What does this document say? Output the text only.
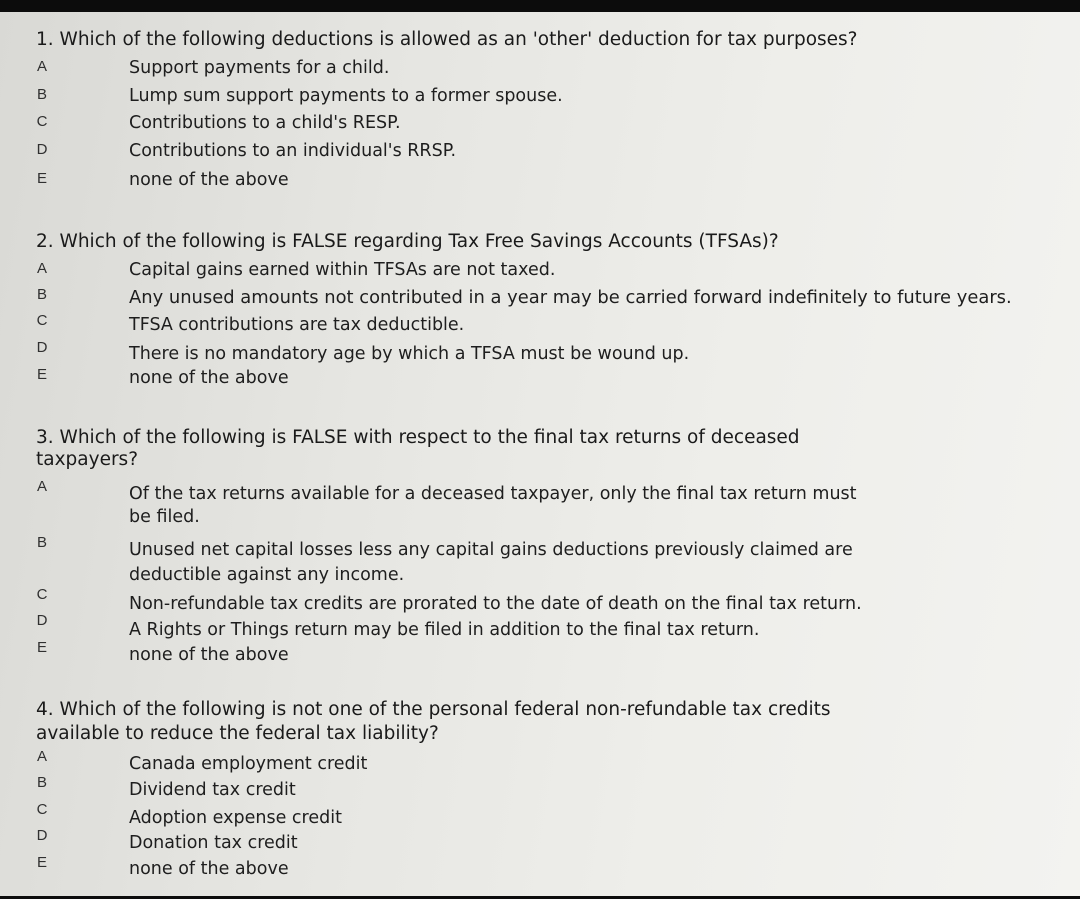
1. Which of the following deductions is allowed as an 'other' deduction for tax purposes?
A	Support payments for a child.
B	Lump sum support payments to a former spouse.
C	Contributions to a child's RESP.
D	Contributions to an individual's RRSP.
E	none of the above
2. Which of the following is FALSE regarding Tax Free Savings Accounts (TFSAs)?
A	Capital gains earned within TFSAs are not taxed.
B	Any unused amounts not contributed in a year may be carried forward indefinitely to future years.
C	TFSA contributions are tax deductible.
D	There is no mandatory age by which a TFSA must be wound up.
E	none of the above
3. Which of the following is FALSE with respect to the final tax returns of deceased
taxpayers?
A	Of the tax returns available for a deceased taxpayer, only the final tax return must
be filed.
B	Unused net capital losses less any capital gains deductions previously claimed are
deductible against any income.
C	Non-refundable tax credits are prorated to the date of death on the final tax return.
D	A Rights or Things return may be filed in addition to the final tax return.
E	none of the above
4. Which of the following is not one of the personal federal non-refundable tax credits
available to reduce the federal tax liability?
A	Canada employment credit
B	Dividend tax credit
C	Adoption expense credit
D	Donation tax credit
E	none of the above
